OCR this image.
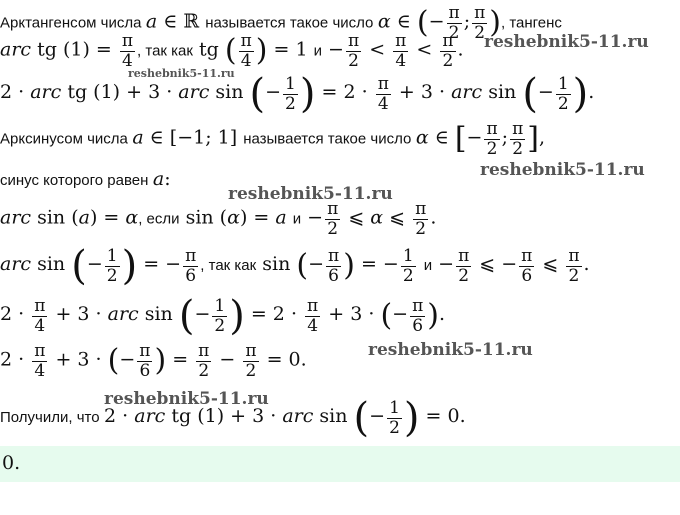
Арктангенсом числа a ∈ ℝ называется такое число α ∈ (− $\frac{\pi}{2}$ ; $\frac{\pi}{2}$ ), тангенс
arc tg $(1) = \frac{\pi}{4}$ , так как tg ( $\frac{\pi}{4}$ ) = 1 $и - \frac{\pi}{2} < \frac{\pi}{4} < \frac{\pi}{2}$ .
2 · arc tg (1) + 3 · arc sin (− $\frac{1}{2}$ ) = $2 \cdot \frac{\pi}{4} + 3$ · arc sin (− $\frac{1}{2}$ ).
Арксинусом числа a ∈ [−1; 1] называется такое число α ∈ [− $\frac{\pi}{2}$ ; $\frac{\pi}{2}$ ],
синус которого равен a:
arc sin (a) = α, если sin (α) = a $и - \frac{\pi}{2}$ ⩽ α ⩽ $\frac{\pi}{2}$ .
arc sin (− $\frac{1}{2}$ ) = − $\frac{\pi}{6}$ , так как sin (− $\frac{\pi}{6}$ ) = − $\frac{1}{2}$ $и - \frac{\pi}{2}$ ⩽ − $\frac{\pi}{6}$ ⩽ $\frac{\pi}{2}$ .
$2 \cdot \frac{\pi}{4} + 3$ · arc sin (− $\frac{1}{2}$ ) = $2 \cdot \frac{\pi}{4} + 3$ · (− $\frac{\pi}{6}$ ).
$2 \cdot \frac{\pi}{4} + 3$ · (− $\frac{\pi}{6}$ ) = $\frac{\pi}{2} - \frac{\pi}{2} = 0$.
Получили, что 2 · arc tg (1) + 3 · arc sin (− $\frac{1}{2}$ ) = 0.
0.
reshebnik5-11.ru
reshebnik5-11.ru
reshebnik5-11.ru
reshebnik5-11.ru
reshebnik5-11.ru
reshebnik5-11.ru
